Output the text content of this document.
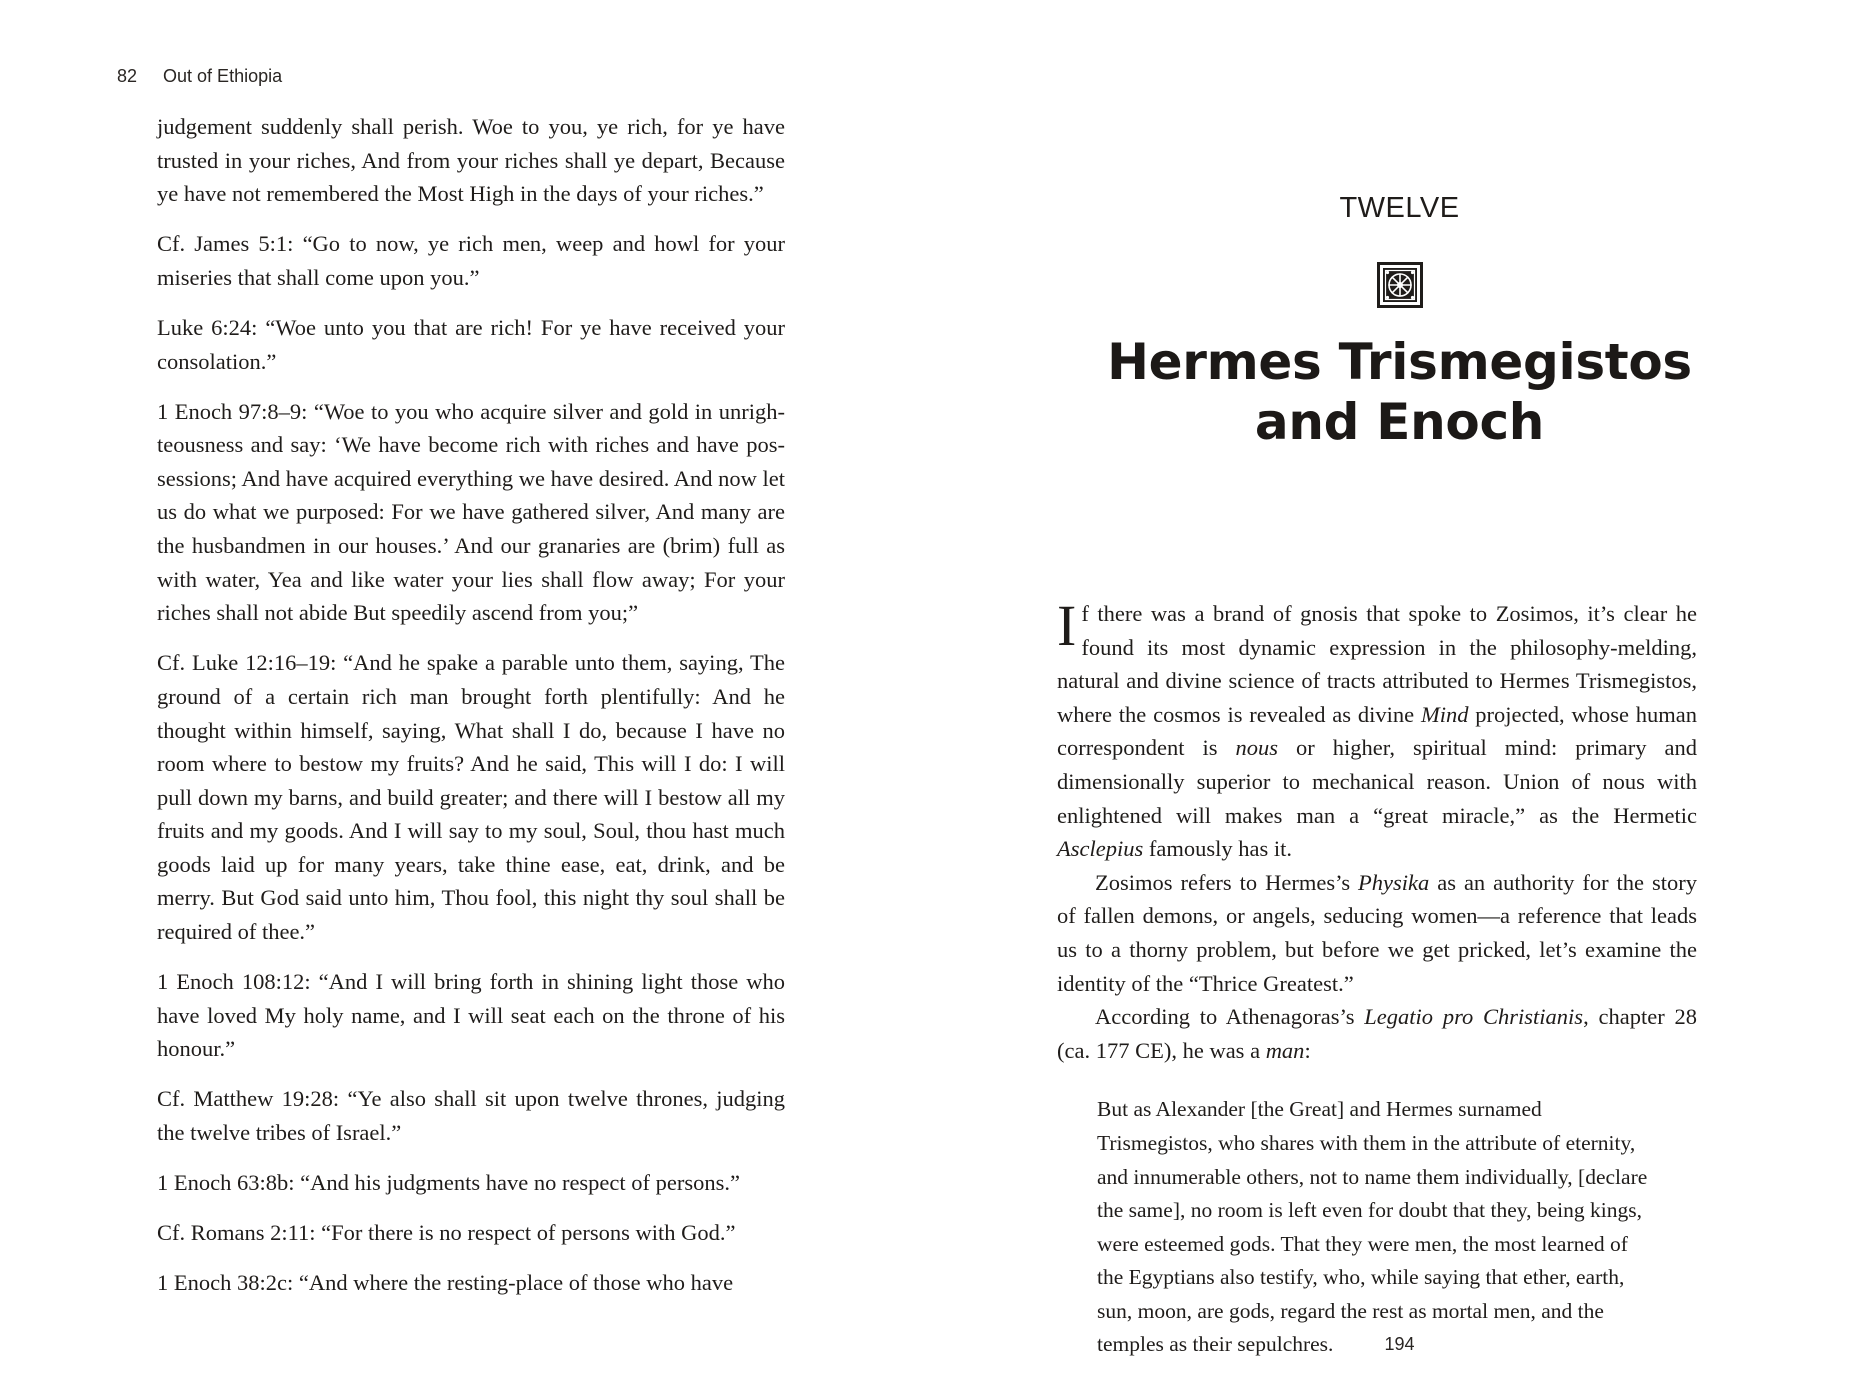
82 Out of Ethiopia

judgement suddenly shall perish. Woe to you, ye rich, for ye have trusted in your riches, And from your riches shall ye depart, Because ye have not remembered the Most High in the days of your riches.”

Cf. James 5:1: “Go to now, ye rich men, weep and howl for your miseries that shall come upon you.”

Luke 6:24: “Woe unto you that are rich! For ye have received your consolation.”

1 Enoch 97:8–9: “Woe to you who acquire silver and gold in unrighteousness and say: ‘We have become rich with riches and have possessions; And have acquired everything we have desired. And now let us do what we purposed: For we have gathered silver, And many are the husbandmen in our houses.’ And our granaries are (brim) full as with water, Yea and like water your lies shall flow away; For your riches shall not abide But speedily ascend from you;”

Cf. Luke 12:16–19: “And he spake a parable unto them, saying, The ground of a certain rich man brought forth plentifully: And he thought within himself, saying, What shall I do, because I have no room where to bestow my fruits? And he said, This will I do: I will pull down my barns, and build greater; and there will I bestow all my fruits and my goods. And I will say to my soul, Soul, thou hast much goods laid up for many years, take thine ease, eat, drink, and be merry. But God said unto him, Thou fool, this night thy soul shall be required of thee.”

1 Enoch 108:12: “And I will bring forth in shining light those who have loved My holy name, and I will seat each on the throne of his honour.”

Cf. Matthew 19:28: “Ye also shall sit upon twelve thrones, judging the twelve tribes of Israel.”

1 Enoch 63:8b: “And his judgments have no respect of persons.”

Cf. Romans 2:11: “For there is no respect of persons with God.”

1 Enoch 38:2c: “And where the resting-place of those who have

TWELVE
Hermes Trismegistos
and Enoch

If there was a brand of gnosis that spoke to Zosimos, it’s clear he found its most dynamic expression in the philosophy-melding, natural and divine science of tracts attributed to Hermes Trismegistos, where the cosmos is revealed as divine Mind projected, whose human correspondent is nous or higher, spiritual mind: primary and dimensionally superior to mechanical reason. Union of nous with enlightened will makes man a “great miracle,” as the Hermetic Asclepius famously has it.

Zosimos refers to Hermes’s Physika as an authority for the story of fallen demons, or angels, seducing women—a reference that leads us to a thorny problem, but before we get pricked, let’s examine the identity of the “Thrice Greatest.”

According to Athenagoras’s Legatio pro Christianis, chapter 28 (ca. 177 CE), he was a man:

But as Alexander [the Great] and Hermes surnamed Trismegistos, who shares with them in the attribute of eternity, and innumerable others, not to name them individually, [declare the same], no room is left even for doubt that they, being kings, were esteemed gods. That they were men, the most learned of the Egyptians also testify, who, while saying that ether, earth, sun, moon, are gods, regard the rest as mortal men, and the temples as their sepulchres.	194
